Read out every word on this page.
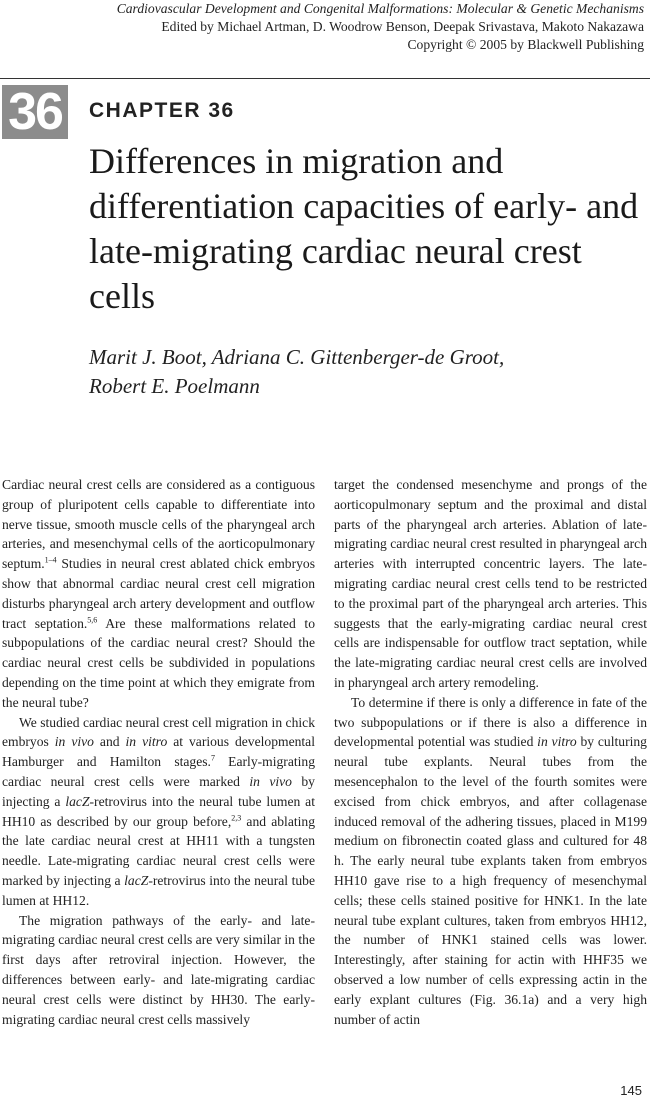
Cardiovascular Development and Congenital Malformations: Molecular & Genetic Mechanisms
Edited by Michael Artman, D. Woodrow Benson, Deepak Srivastava, Makoto Nakazawa
Copyright © 2005 by Blackwell Publishing
36 CHAPTER 36
Differences in migration and differentiation capacities of early- and late-migrating cardiac neural crest cells
Marit J. Boot, Adriana C. Gittenberger-de Groot,
Robert E. Poelmann

Cardiac neural crest cells are considered as a contiguous group of pluripotent cells capable to differentiate into nerve tissue, smooth muscle cells of the pharyngeal arch arteries, and mesenchymal cells of the aorticopulmonary septum.$^{1-4}$ Studies in neural crest ablated chick embryos show that abnormal cardiac neural crest cell migration disturbs pharyngeal arch artery development and outflow tract septation.$^{5,6}$ Are these malformations related to subpopulations of the cardiac neural crest? Should the cardiac neural crest cells be subdivided in populations depending on the time point at which they emigrate from the neural tube?

We studied cardiac neural crest cell migration in chick embryos in vivo and in vitro at various developmental Hamburger and Hamilton stages.$^7$ Early-migrating cardiac neural crest cells were marked in vivo by injecting a lacZ-retrovirus into the neural tube lumen at HH10 as described by our group before,$^{2,3}$ and ablating the late cardiac neural crest at HH11 with a tungsten needle. Late-migrating cardiac neural crest cells were marked by injecting a lacZ-retrovirus into the neural tube lumen at HH12.

The migration pathways of the early- and late-migrating cardiac neural crest cells are very similar in the first days after retroviral injection. However, the differences between early- and late-migrating cardiac neural crest cells were distinct by HH30. The early-migrating cardiac neural crest cells massively

target the condensed mesenchyme and prongs of the aorticopulmonary septum and the proximal and distal parts of the pharyngeal arch arteries. Ablation of late-migrating cardiac neural crest resulted in pharyngeal arch arteries with interrupted concentric layers. The late-migrating cardiac neural crest cells tend to be restricted to the proximal part of the pharyngeal arch arteries. This suggests that the early-migrating cardiac neural crest cells are indispensable for outflow tract septation, while the late-migrating cardiac neural crest cells are involved in pharyngeal arch artery remodeling.

To determine if there is only a difference in fate of the two subpopulations or if there is also a difference in developmental potential was studied in vitro by culturing neural tube explants. Neural tubes from the mesencephalon to the level of the fourth somites were excised from chick embryos, and after collagenase induced removal of the adhering tissues, placed in M199 medium on fibronectin coated glass and cultured for 48 h. The early neural tube explants taken from embryos HH10 gave rise to a high frequency of mesenchymal cells; these cells stained positive for HNK1. In the late neural tube explant cultures, taken from embryos HH12, the number of HNK1 stained cells was lower. Interestingly, after staining for actin with HHF35 we observed a low number of cells expressing actin in the early explant cultures (Fig. 36.1a) and a very high number of actin

145
